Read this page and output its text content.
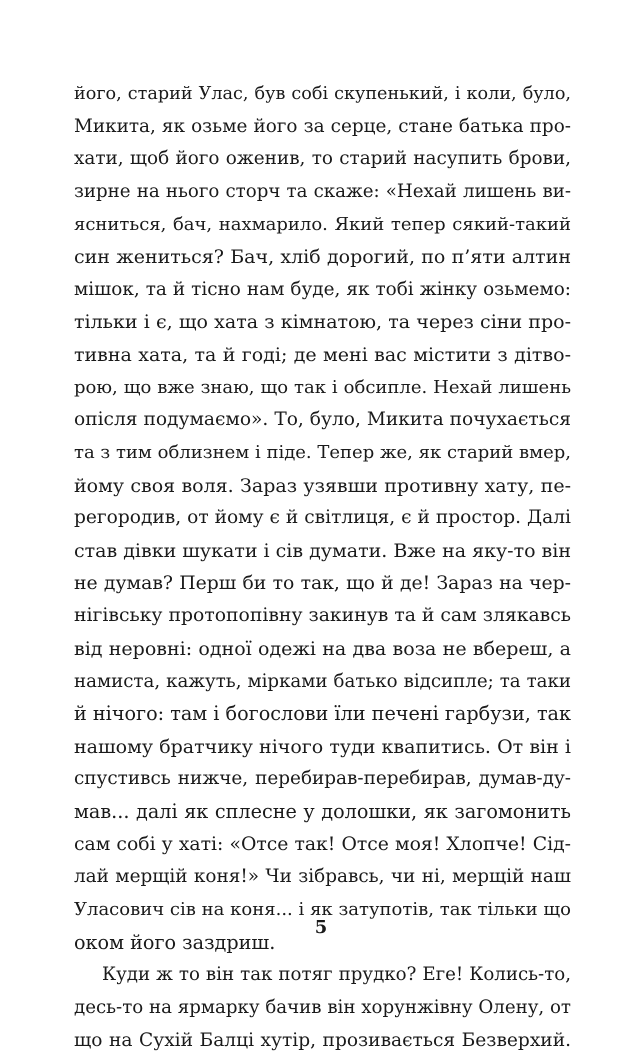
його, старий Улас, був собі скупенький, і коли, було,
Микита, як озьме його за серце, стане батька про-
хати, щоб його оженив, то старий насупить брови,
зирне на нього сторч та скаже: «Нехай лишень ви-
ясниться, бач, нахмарило. Який тепер сякий-такий
син жениться? Бач, хліб дорогий, по п’яти алтин
мішок, та й тісно нам буде, як тобі жінку озьмемо:
тільки і є, що хата з кімнатою, та через сіни про-
тивна хата, та й годі; де мені вас містити з дітво-
рою, що вже знаю, що так і обсипле. Нехай лишень
опісля подумаємо». То, було, Микита почухається
та з тим облизнем і піде. Тепер же, як старий вмер,
йому своя воля. Зараз узявши противну хату, пе-
регородив, от йому є й світлиця, є й простор. Далі
став дівки шукати і сів думати. Вже на яку-то він
не думав? Перш би то так, що й де! Зараз на чер-
нігівську протопопівну закинув та й сам злякавсь
від неровні: одної одежі на два воза не вбереш, а
намиста, кажуть, мірками батько відсипле; та таки
й нічого: там і богослови їли печені гарбузи, так
нашому братчику нічого туди квапитись. От він і
спустивсь нижче, перебирав-перебирав, думав-ду-
мав... далі як сплесне у долошки, як загомонить
сам собі у хаті: «Отсе так! Отсе моя! Хлопче! Сід-
лай мерщій коня!» Чи зібравсь, чи ні, мерщій наш
Уласович сів на коня... і як затупотів, так тільки що
оком його заздриш.
Куди ж то він так потяг прудко? Еге! Колись-то,
десь-то на ярмарку бачив він хорунжівну Олену, от
що на Сухій Балці хутір, прозивається Безверхий.
5
